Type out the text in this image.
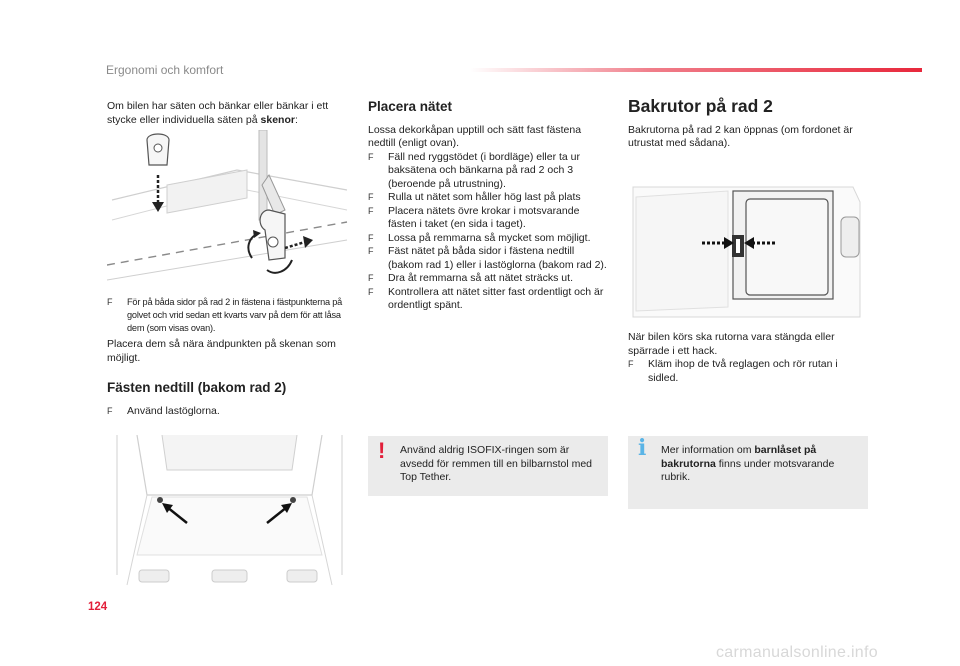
Ergonomi och komfort

Om bilen har säten och bänkar eller bänkar i ett stycke eller individuella säten på skenor:

F För på båda sidor på rad 2 in fästena i fästpunkterna på golvet och vrid sedan ett kvarts varv på dem för att låsa dem (som visas ovan).

Placera dem så nära ändpunkten på skenan som möjligt.

Fästen nedtill (bakom rad 2)

F Använd lastöglorna.

Placera nätet

Lossa dekorkåpan upptill och sätt fast fästena nedtill (enligt ovan).

F Fäll ned ryggstödet (i bordläge) eller ta ur baksätena och bänkarna på rad 2 och 3 (beroende på utrustning).
F Rulla ut nätet som håller hög last på plats
F Placera nätets övre krokar i motsvarande fästen i taket (en sida i taget).
F Lossa på remmarna så mycket som möjligt.
F Fäst nätet på båda sidor i fästena nedtill (bakom rad 1) eller i lastöglorna (bakom rad 2).
F Dra åt remmarna så att nätet sträcks ut.
F Kontrollera att nätet sitter fast ordentligt och är ordentligt spänt.
! Använd aldrig ISOFIX-ringen som är avsedd för remmen till en bilbarnstol med Top Tether.

Bakrutor på rad 2

Bakrutorna på rad 2 kan öppnas (om fordonet är utrustat med sådana).

När bilen körs ska rutorna vara stängda eller spärrade i ett hack.

F Kläm ihop de två reglagen och rör rutan i sidled.
i Mer information om barnlåset på bakrutorna finns under motsvarande rubrik.

124
carmanualsonline.info
